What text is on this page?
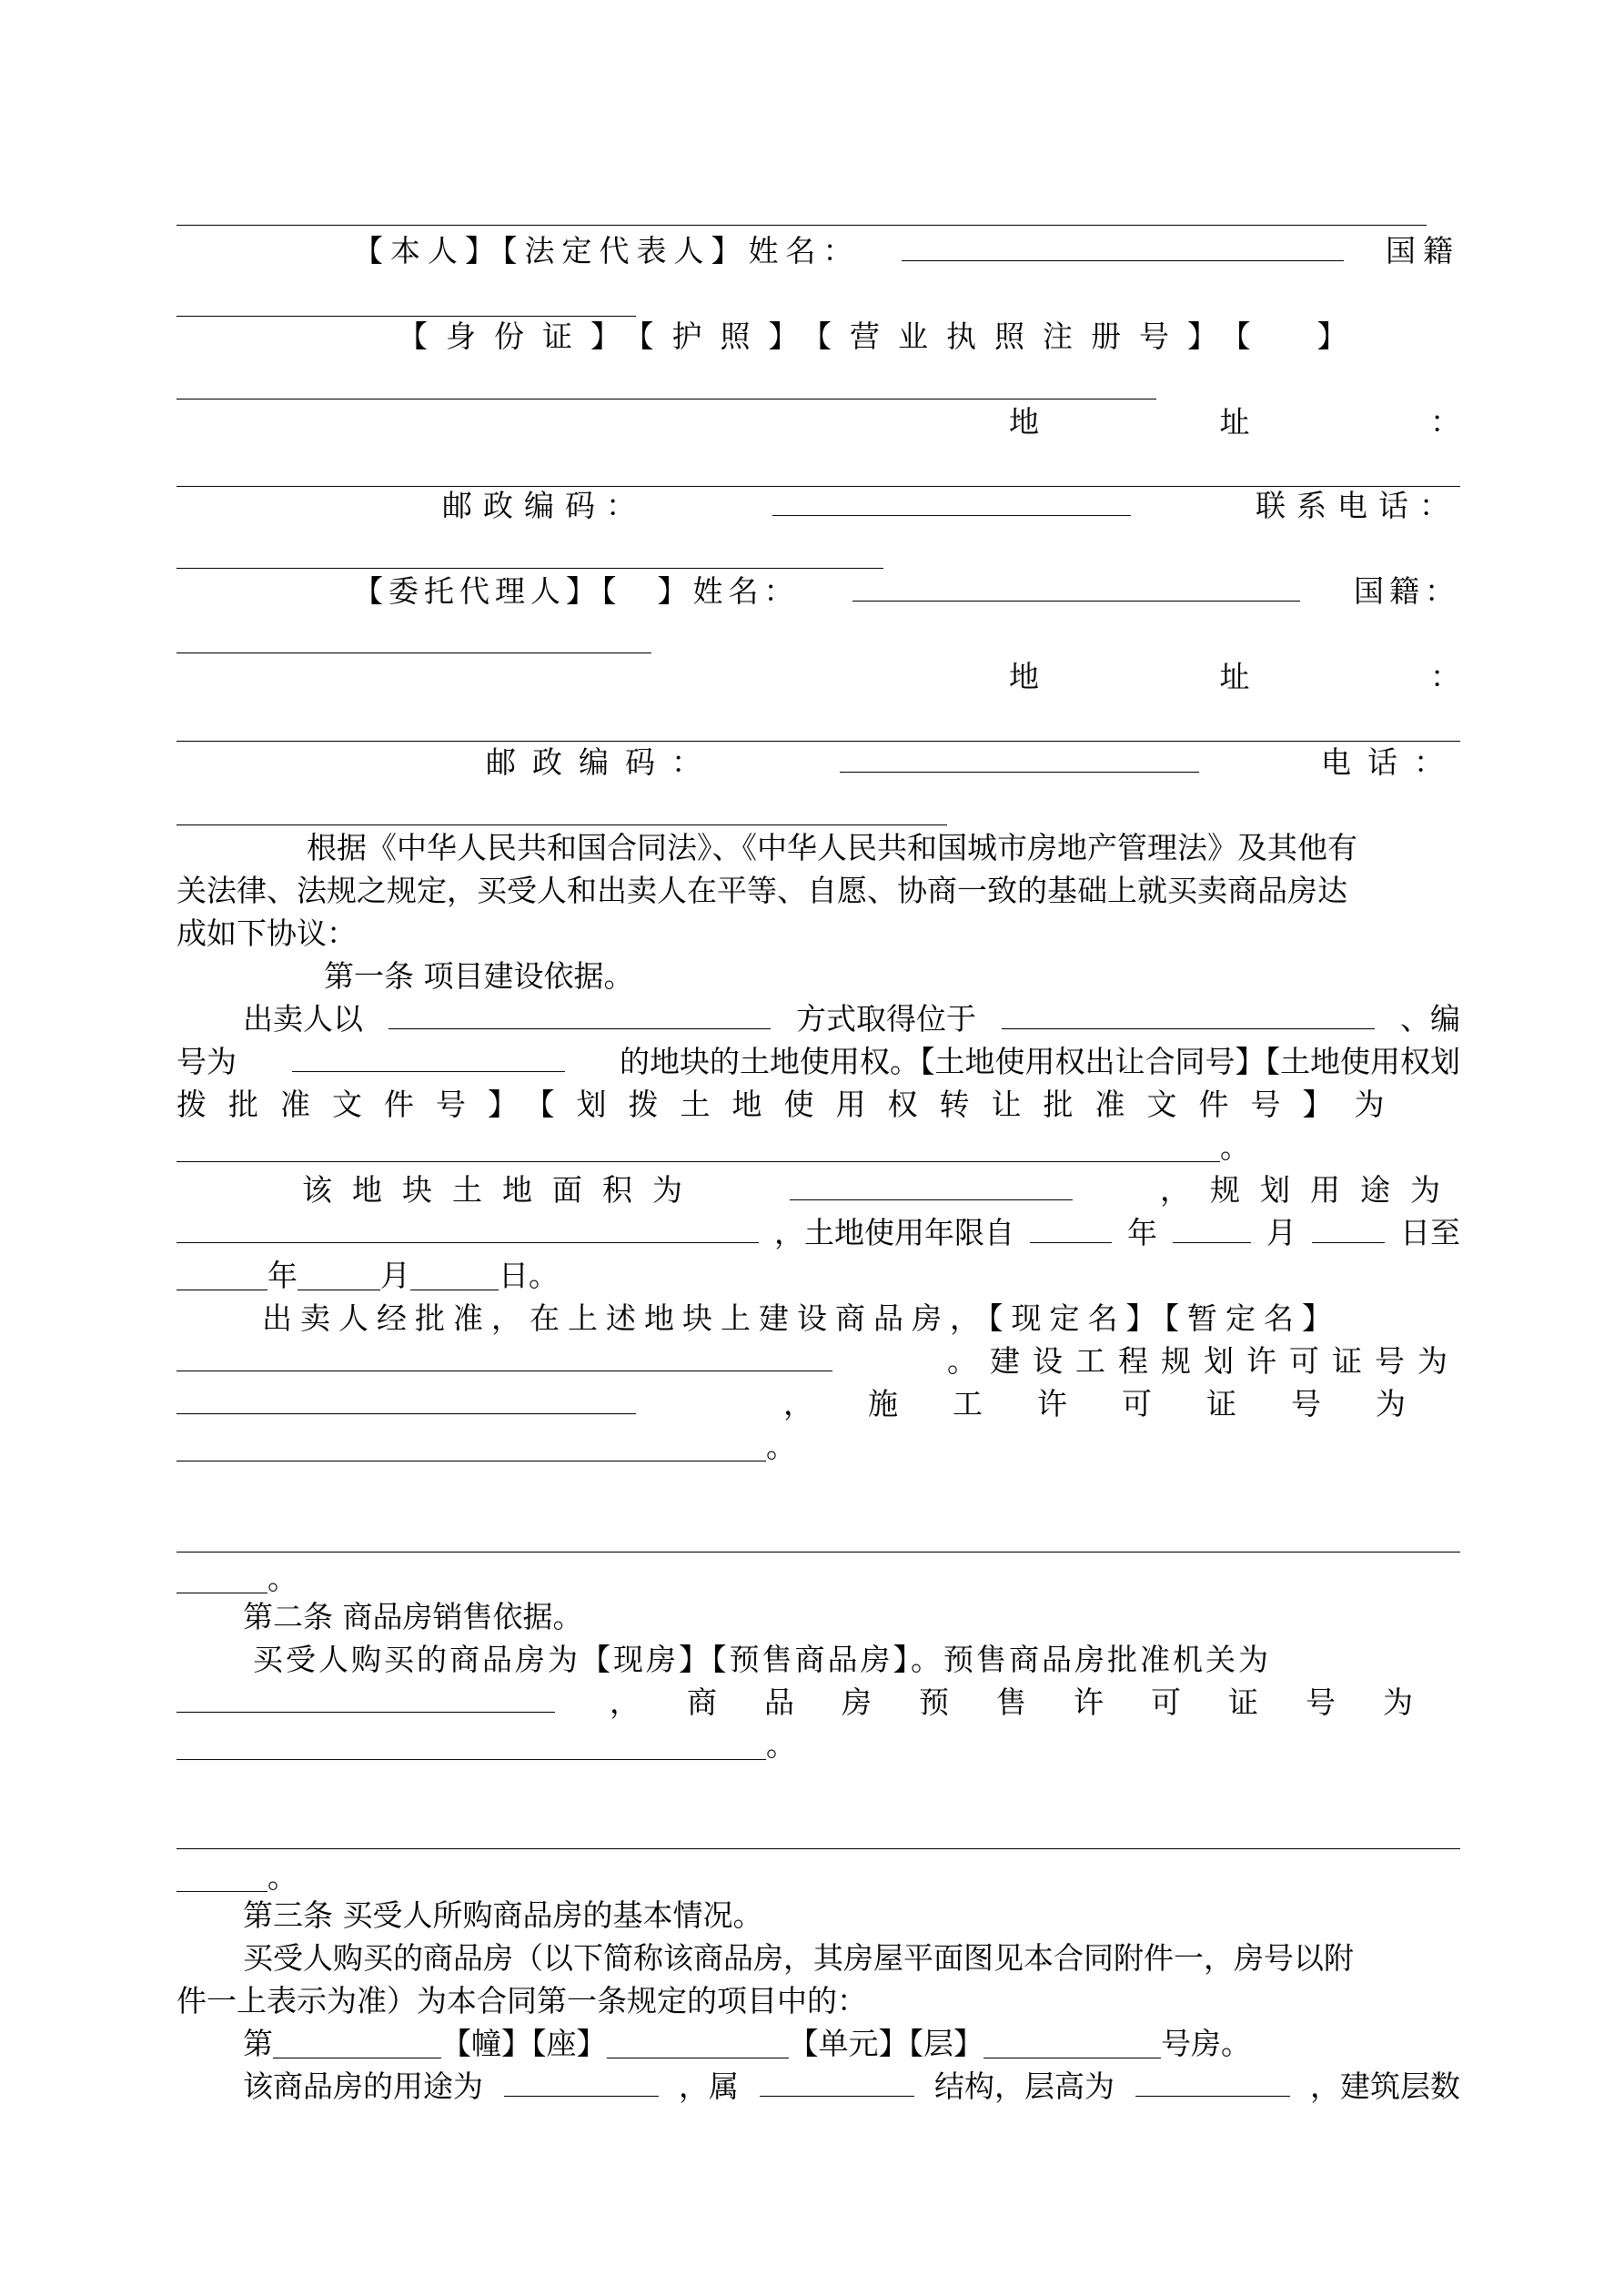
【本人】【法定代表人】姓名：	国籍
【身份证】【护照】【营业执照注册号】【　】
地	址	：
邮政编码：	联系电话：
【委托代理人】【　】姓名：	国籍：
地	址	：
邮政编码：	电话：
根据《中华人民共和国合同法》、《中华人民共和国城市房地产管理法》及其他有
关法律、法规之规定，买受人和出卖人在平等、自愿、协商一致的基础上就买卖商品房达
成如下协议：
第一条 项目建设依据。
出卖人以	方式取得位于	、编
号为	的地块的土地使用权。【土地使用权出让合同号】【土地使用权划
拨批准文件号】【划拨土地使用权转让批准文件号】为
。
该地块土地面积为	，规划用途为
，土地使用年限自	年	月	日至
年	月	日。
出卖人经批准，在上述地块上建设商品房，【现定名】【暂定名】
。建设工程规划许可证号为
，施工许可证号为
。
。
第二条 商品房销售依据。
买受人购买的商品房为【现房】【预售商品房】。预售商品房批准机关为
，商品房预售许可证号为
。
。
第三条 买受人所购商品房的基本情况。
买受人购买的商品房（以下简称该商品房，其房屋平面图见本合同附件一，房号以附
件一上表示为准）为本合同第一条规定的项目中的：
第	【幢】【座】	【单元】【层】	号房。
该商品房的用途为	，属	结构，层高为	，建筑层数
